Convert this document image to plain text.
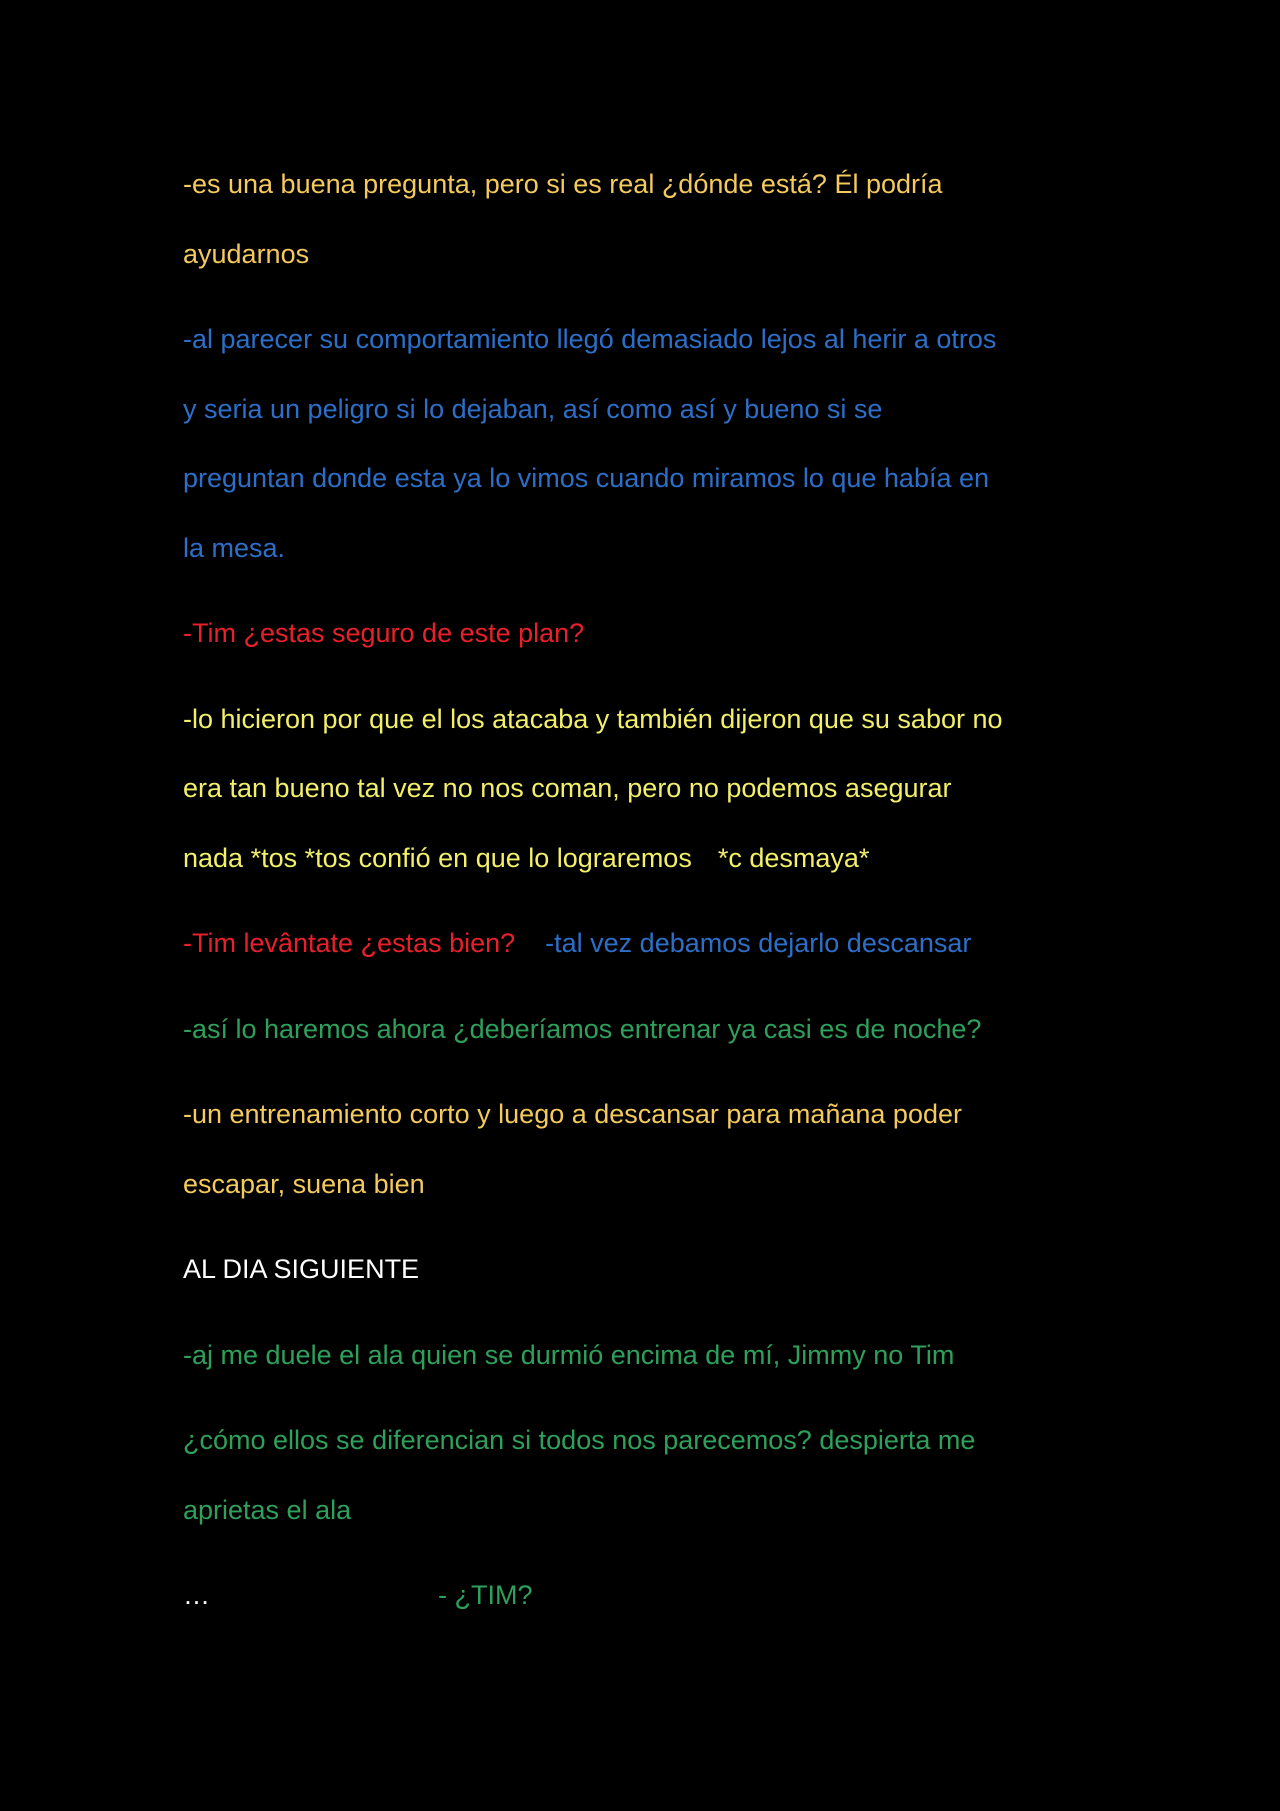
-es una buena pregunta, pero si es real ¿dónde está? Él podría
ayudarnos

-al parecer su comportamiento llegó demasiado lejos al herir a otros
y seria un peligro si lo dejaban, así como así y bueno si se
preguntan donde esta ya lo vimos cuando miramos lo que había en
la mesa.

-Tim ¿estas seguro de este plan?

-lo hicieron por que el los atacaba y también dijeron que su sabor no
era tan bueno tal vez no nos coman, pero no podemos asegurar
nada *tos *tos confió en que lo lograremos *c desmaya*

-Tim levântate ¿estas bien? -tal vez debamos dejarlo descansar

-así lo haremos ahora ¿deberíamos entrenar ya casi es de noche?

-un entrenamiento corto y luego a descansar para mañana poder
escapar, suena bien

AL DIA SIGUIENTE

-aj me duele el ala quien se durmió encima de mí, Jimmy no Tim

¿cómo ellos se diferencian si todos nos parecemos? despierta me
aprietas el ala

…	- ¿TIM?
